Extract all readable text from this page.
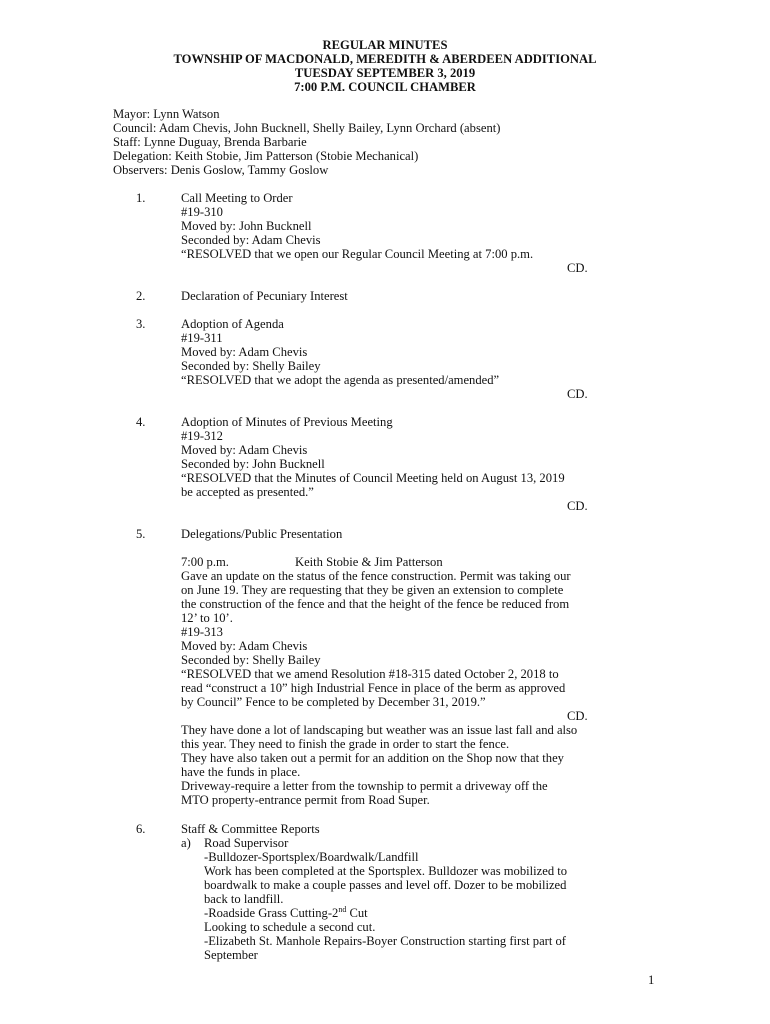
REGULAR MINUTES
TOWNSHIP OF MACDONALD, MEREDITH & ABERDEEN ADDITIONAL
TUESDAY SEPTEMBER 3, 2019
7:00 P.M. COUNCIL CHAMBER
Mayor: Lynn Watson
Council: Adam Chevis, John Bucknell, Shelly Bailey, Lynn Orchard (absent)
Staff: Lynne Duguay, Brenda Barbarie
Delegation: Keith Stobie, Jim Patterson (Stobie Mechanical)
Observers: Denis Goslow, Tammy Goslow
1.	Call Meeting to Order
#19-310
Moved by: John Bucknell
Seconded by: Adam Chevis
“RESOLVED that we open our Regular Council Meeting at 7:00 p.m.
CD.
2.	Declaration of Pecuniary Interest
3.	Adoption of Agenda
#19-311
Moved by: Adam Chevis
Seconded by: Shelly Bailey
“RESOLVED that we adopt the agenda as presented/amended”
CD.
4.	Adoption of Minutes of Previous Meeting
#19-312
Moved by: Adam Chevis
Seconded by: John Bucknell
“RESOLVED that the Minutes of Council Meeting held on August 13, 2019
be accepted as presented.”
CD.
5.	Delegations/Public Presentation
7:00 p.m.	Keith Stobie & Jim Patterson
Gave an update on the status of the fence construction. Permit was taking our
on June 19. They are requesting that they be given an extension to complete
the construction of the fence and that the height of the fence be reduced from
12’ to 10’.
#19-313
Moved by: Adam Chevis
Seconded by: Shelly Bailey
“RESOLVED that we amend Resolution #18-315 dated October 2, 2018 to
read “construct a 10” high Industrial Fence in place of the berm as approved
by Council” Fence to be completed by December 31, 2019.”
CD.
They have done a lot of landscaping but weather was an issue last fall and also
this year. They need to finish the grade in order to start the fence.
They have also taken out a permit for an addition on the Shop now that they
have the funds in place.
Driveway-require a letter from the township to permit a driveway off the
MTO property-entrance permit from Road Super.
6.	Staff & Committee Reports
a) Road Supervisor
-Bulldozer-Sportsplex/Boardwalk/Landfill
Work has been completed at the Sportsplex. Bulldozer was mobilized to
boardwalk to make a couple passes and level off. Dozer to be mobilized
back to landfill.
-Roadside Grass Cutting-2nd Cut
Looking to schedule a second cut.
-Elizabeth St. Manhole Repairs-Boyer Construction starting first part of
September
1
